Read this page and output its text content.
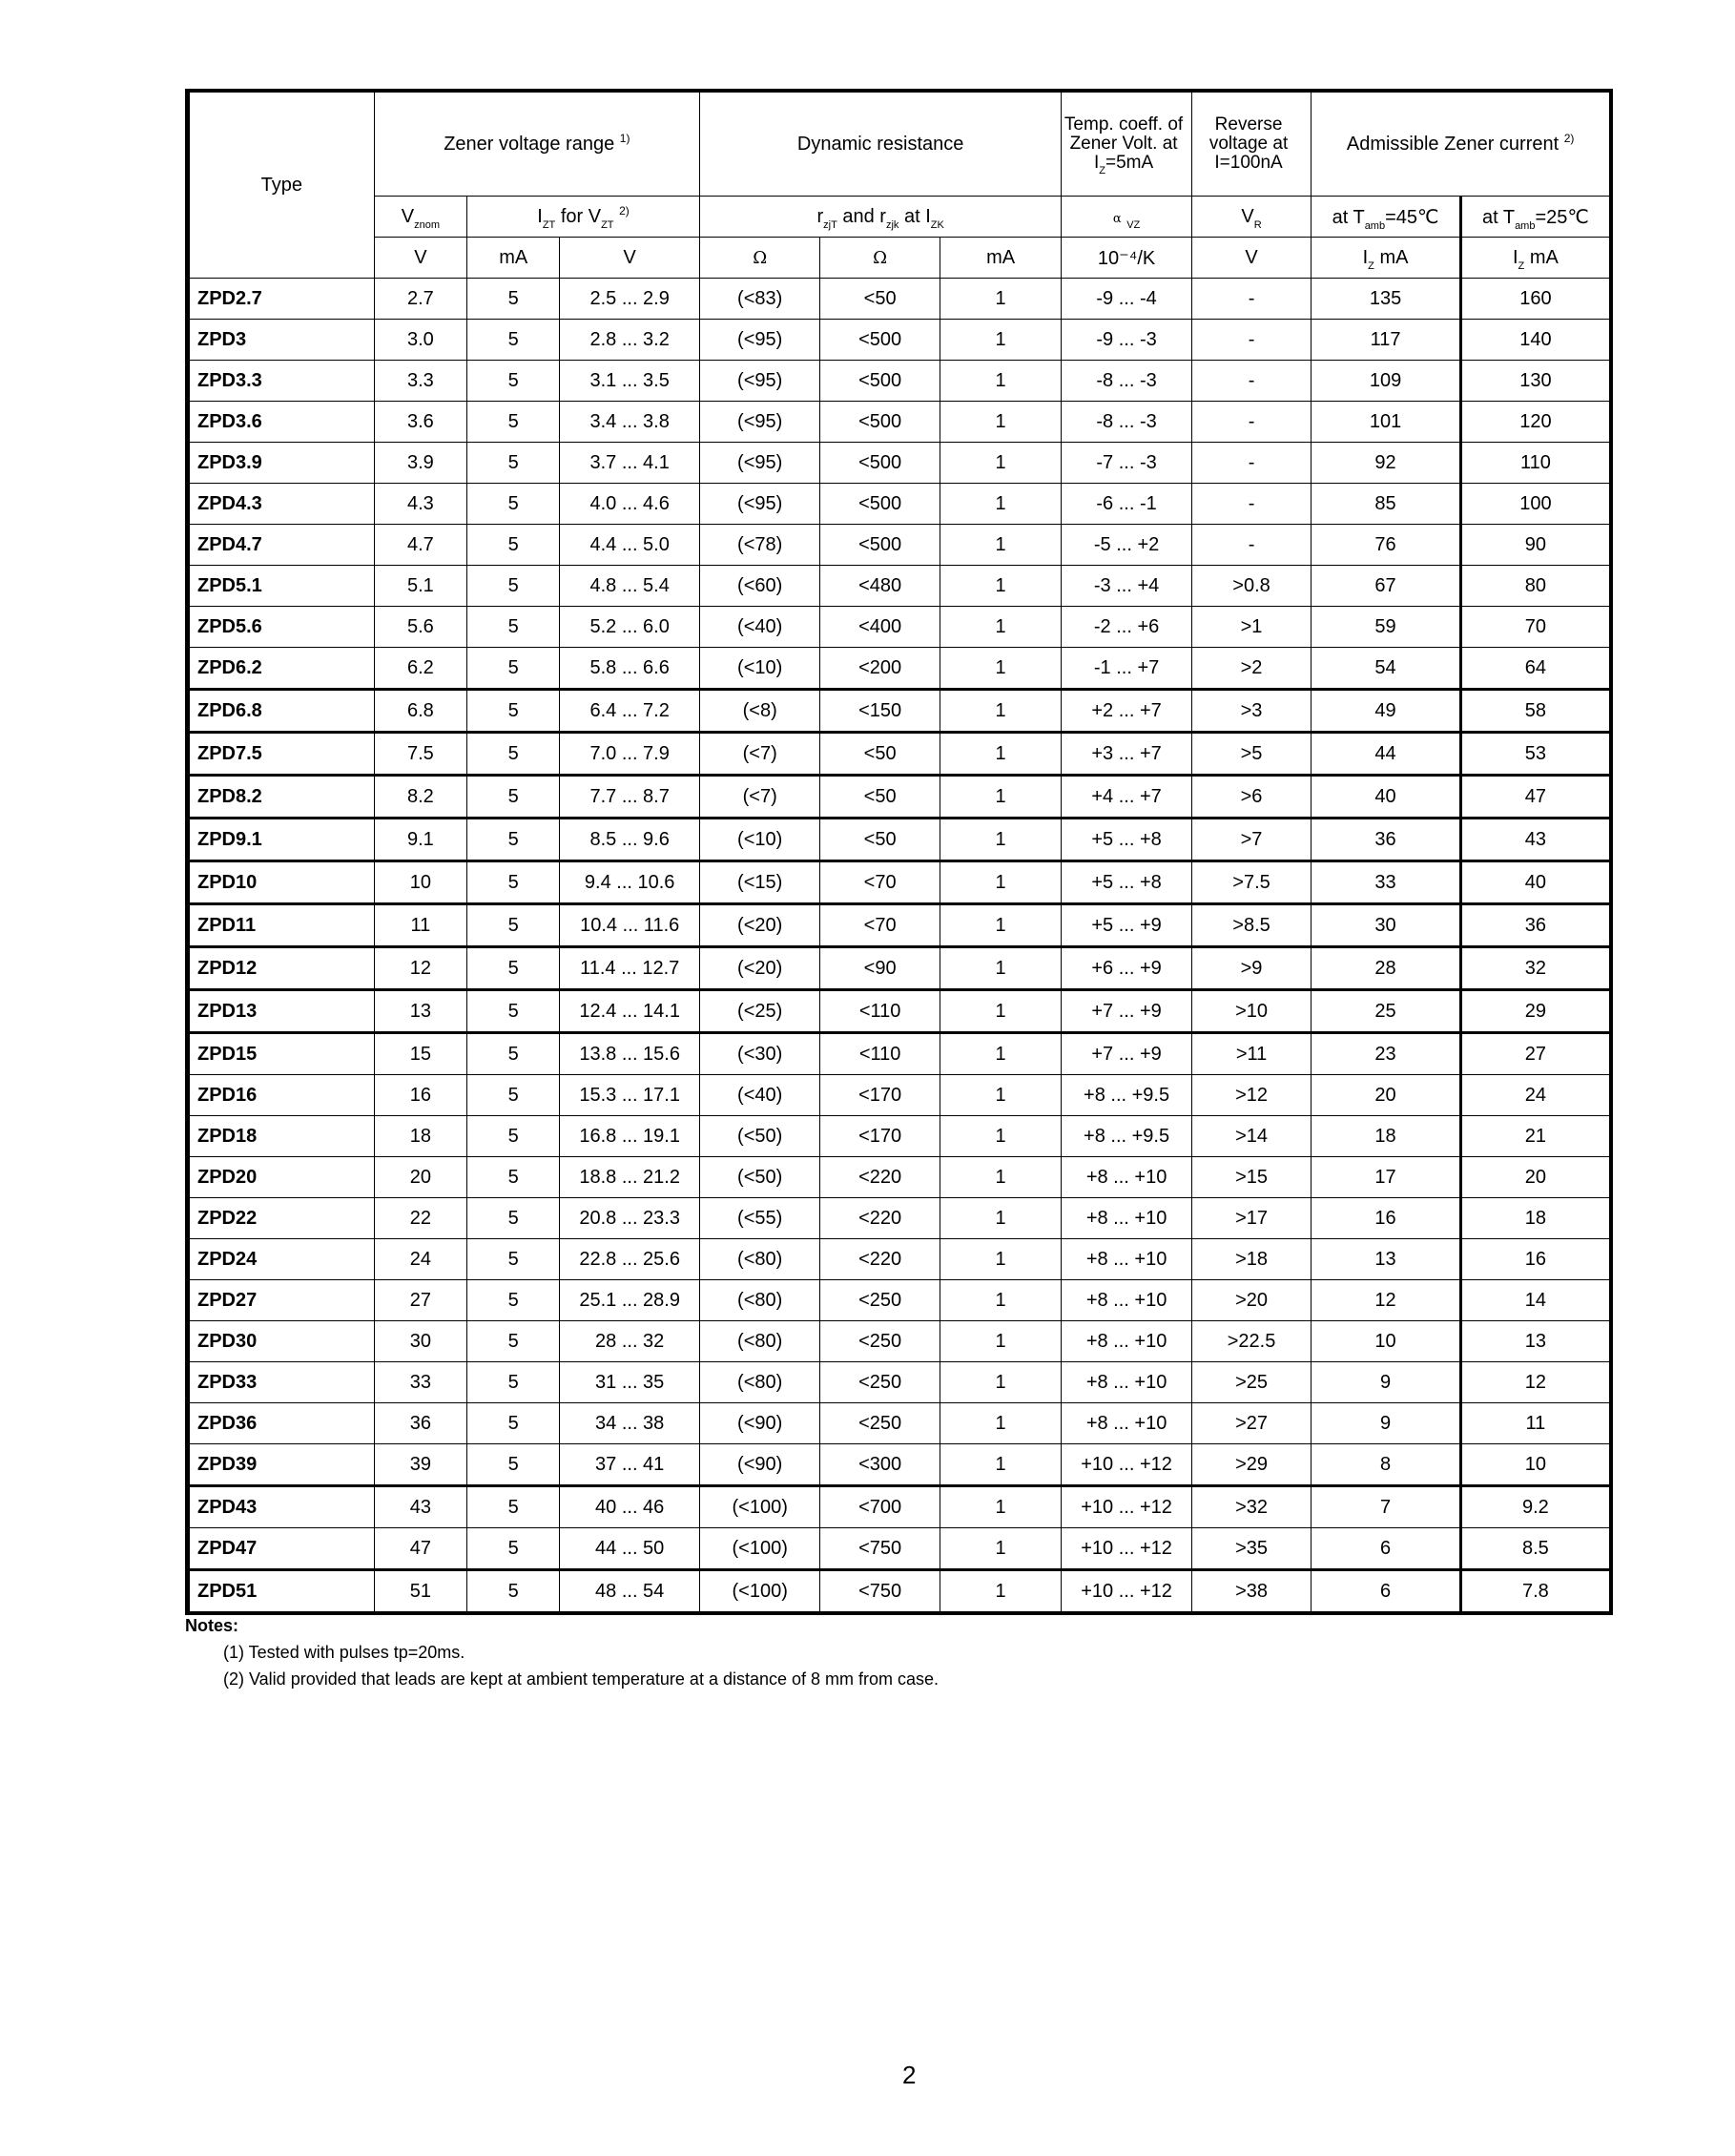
Type	Zener voltage range $^{1)}$			Dynamic resistance			Temp. coeff. of Zener Volt. at $I_Z=5mA$	Reverse voltage at I=100nA	Admissible Zener current $^{2)}$
	$V_{znom}$	$I_{ZT}$ for $V_{ZT}$ $^{2)}$		$r_{zjT}$ and $r_{zjk}$ at $I_{ZK}$			α $_{VZ}$	$V_R$	at $T_{amb}=45℃$	at $T_{amb}=25℃$
	V	mA	V	Ω	Ω	mA	10⁻⁴/K	V	$I_Z$ mA	$I_Z$ mA
ZPD2.7	2.7	5	2.5 ... 2.9	(<83)	<50	1	-9 ... -4	-	135	160
ZPD3	3.0	5	2.8 ... 3.2	(<95)	<500	1	-9 ... -3	-	117	140
ZPD3.3	3.3	5	3.1 ... 3.5	(<95)	<500	1	-8 ... -3	-	109	130
ZPD3.6	3.6	5	3.4 ... 3.8	(<95)	<500	1	-8 ... -3	-	101	120
ZPD3.9	3.9	5	3.7 ... 4.1	(<95)	<500	1	-7 ... -3	-	92	110
ZPD4.3	4.3	5	4.0 ... 4.6	(<95)	<500	1	-6 ... -1	-	85	100
ZPD4.7	4.7	5	4.4 ... 5.0	(<78)	<500	1	-5 ... +2	-	76	90
ZPD5.1	5.1	5	4.8 ... 5.4	(<60)	<480	1	-3 ... +4	>0.8	67	80
ZPD5.6	5.6	5	5.2 ... 6.0	(<40)	<400	1	-2 ... +6	>1	59	70
ZPD6.2	6.2	5	5.8 ... 6.6	(<10)	<200	1	-1 ... +7	>2	54	64
ZPD6.8	6.8	5	6.4 ... 7.2	(<8)	<150	1	+2 ... +7	>3	49	58
ZPD7.5	7.5	5	7.0 ... 7.9	(<7)	<50	1	+3 ... +7	>5	44	53
ZPD8.2	8.2	5	7.7 ... 8.7	(<7)	<50	1	+4 ... +7	>6	40	47
ZPD9.1	9.1	5	8.5 ... 9.6	(<10)	<50	1	+5 ... +8	>7	36	43
ZPD10	10	5	9.4 ... 10.6	(<15)	<70	1	+5 ... +8	>7.5	33	40
ZPD11	11	5	10.4 ... 11.6	(<20)	<70	1	+5 ... +9	>8.5	30	36
ZPD12	12	5	11.4 ... 12.7	(<20)	<90	1	+6 ... +9	>9	28	32
ZPD13	13	5	12.4 ... 14.1	(<25)	<110	1	+7 ... +9	>10	25	29
ZPD15	15	5	13.8 ... 15.6	(<30)	<110	1	+7 ... +9	>11	23	27
ZPD16	16	5	15.3 ... 17.1	(<40)	<170	1	+8 ... +9.5	>12	20	24
ZPD18	18	5	16.8 ... 19.1	(<50)	<170	1	+8 ... +9.5	>14	18	21
ZPD20	20	5	18.8 ... 21.2	(<50)	<220	1	+8 ... +10	>15	17	20
ZPD22	22	5	20.8 ... 23.3	(<55)	<220	1	+8 ... +10	>17	16	18
ZPD24	24	5	22.8 ... 25.6	(<80)	<220	1	+8 ... +10	>18	13	16
ZPD27	27	5	25.1 ... 28.9	(<80)	<250	1	+8 ... +10	>20	12	14
ZPD30	30	5	28 ... 32	(<80)	<250	1	+8 ... +10	>22.5	10	13
ZPD33	33	5	31 ... 35	(<80)	<250	1	+8 ... +10	>25	9	12
ZPD36	36	5	34 ... 38	(<90)	<250	1	+8 ... +10	>27	9	11
ZPD39	39	5	37 ... 41	(<90)	<300	1	+10 ... +12	>29	8	10
ZPD43	43	5	40 ... 46	(<100)	<700	1	+10 ... +12	>32	7	9.2
ZPD47	47	5	44 ... 50	(<100)	<750	1	+10 ... +12	>35	6	8.5
ZPD51	51	5	48 ... 54	(<100)	<750	1	+10 ... +12	>38	6	7.8
Notes:
(1) Tested with pulses tp=20ms.
(2) Valid provided that leads are kept at ambient temperature at a distance of 8 mm from case.
2
